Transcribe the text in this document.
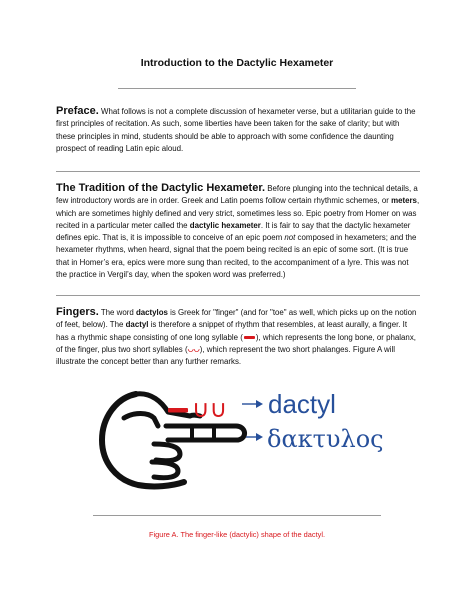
Introduction to the Dactylic Hexameter

Preface. What follows is not a complete discussion of hexameter verse, but a utilitarian guide to the first principles of recitation. As such, some liberties have been taken for the sake of clarity; but with these principles in mind, students should be able to approach with some confidence the daunting prospect of reading Latin epic aloud.

The Tradition of the Dactylic Hexameter. Before plunging into the technical details, a few introductory words are in order. Greek and Latin poems follow certain rhythmic schemes, or meters, which are sometimes highly defined and very strict, sometimes less so. Epic poetry from Homer on was recited in a particular meter called the dactylic hexameter. It is fair to say that the dactylic hexameter defines epic. That is, it is impossible to conceive of an epic poem not composed in hexameters; and the hexameter rhythms, when heard, signal that the poem being recited is an epic of some sort. (It is true that in Homer’s era, epics were more sung than recited, to the accompaniment of a lyre. This was not the practice in Vergil’s day, when the spoken word was preferred.)

Fingers. The word dactylos is Greek for "finger" (and for "toe" as well, which picks up on the notion of feet, below). The dactyl is therefore a snippet of rhythm that resembles, at least aurally, a finger. It has a rhythmic shape consisting of one long syllable ( ), which represents the long bone, or phalanx, of the finger, plus two short syllables (◡◡), which represent the two short phalanges. Figure A will illustrate the concept better than any further remarks.

∪∪ dactyl
δακτυλος
Figure A. The finger-like (dactylic) shape of the dactyl.
